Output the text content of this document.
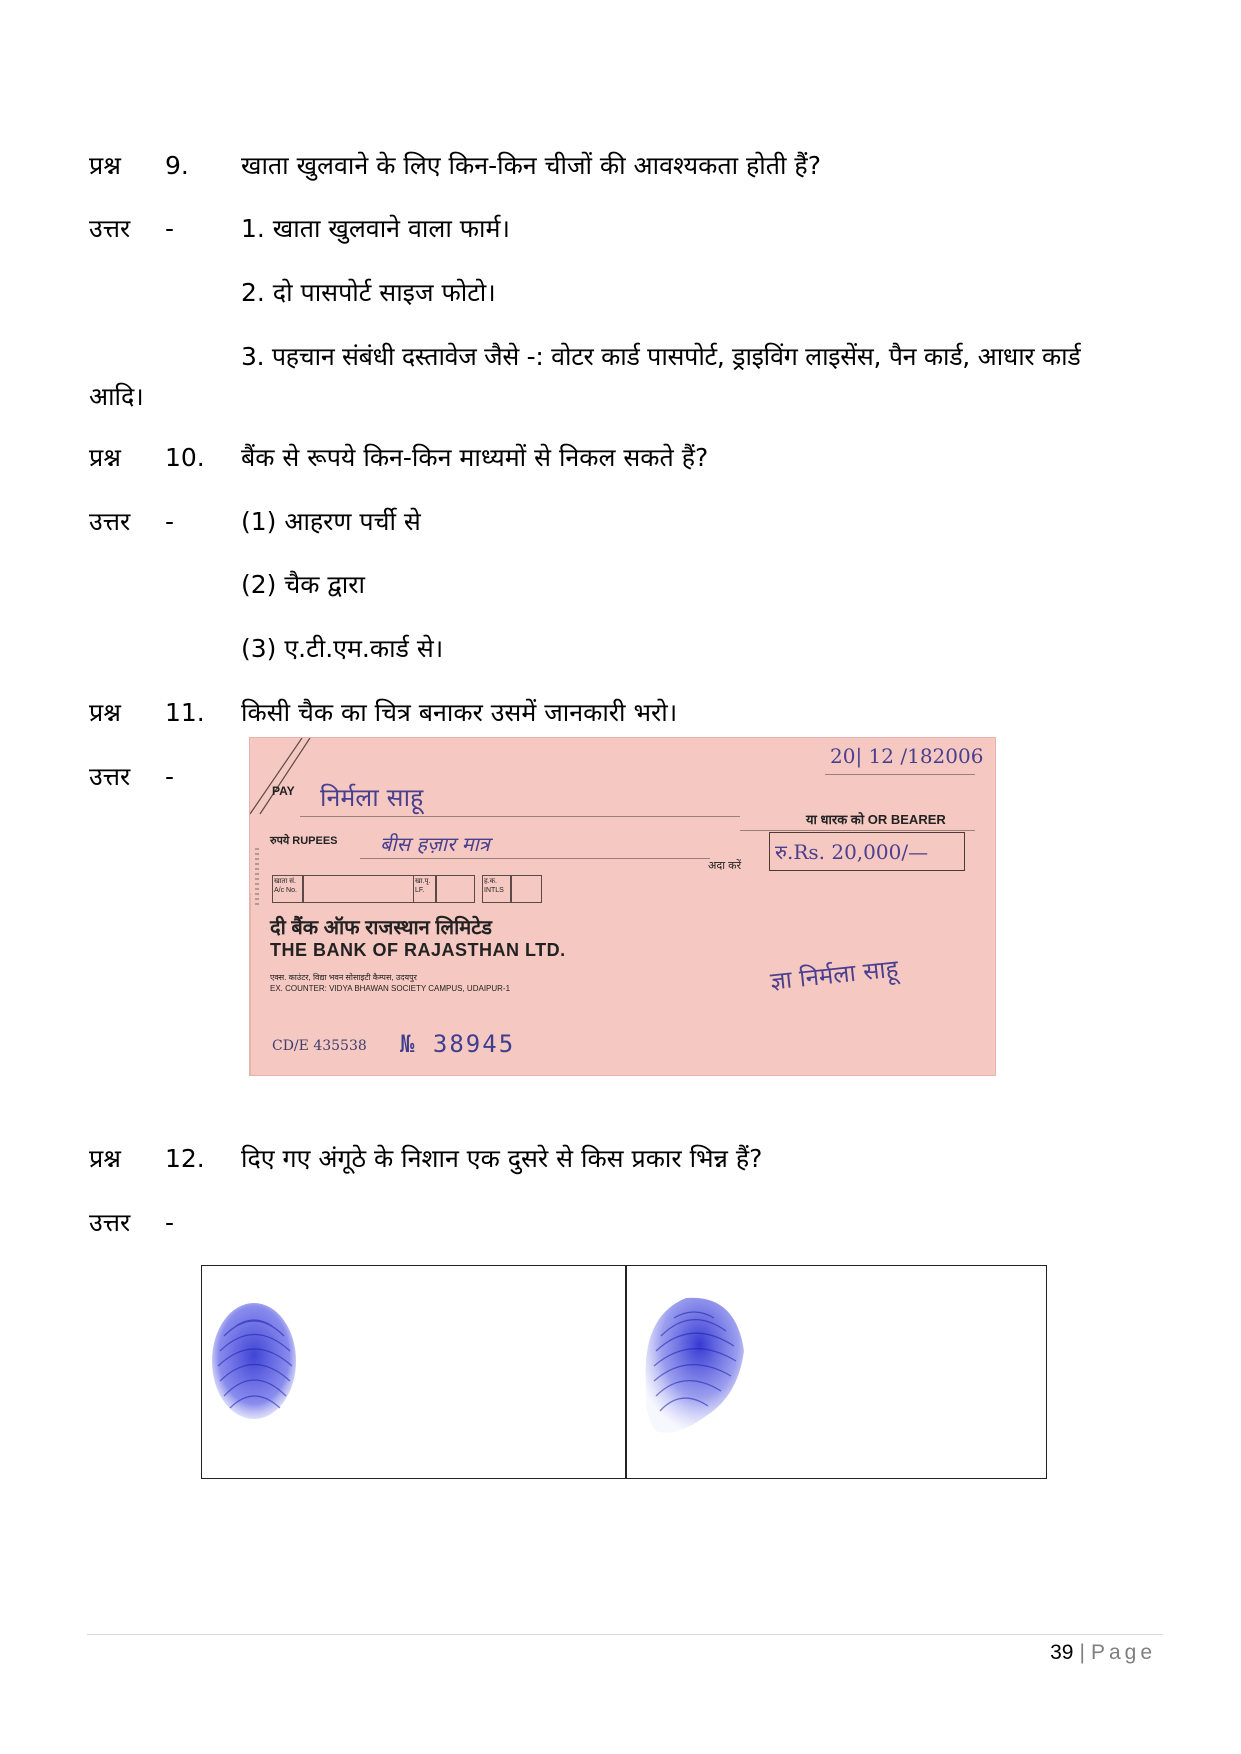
प्रश्न 9. खाता खुलवाने के लिए किन-किन चीजों की आवश्यकता होती हैं?
उत्तर -	1. खाता खुलवाने वाला फार्म।
2. दो पासपोर्ट साइज फोटो।
3. पहचान संबंधी दस्तावेज जैसे -: वोटर कार्ड पासपोर्ट, ड्राइविंग लाइसेंस, पैन कार्ड, आधार कार्ड
आदि।
प्रश्न 10. बैंक से रूपये किन-किन माध्यमों से निकल सकते हैं?
उत्तर -	(1) आहरण पर्ची से
(2) चैक द्वारा
(3) ए.टी.एम.कार्ड से।
प्रश्न 11. किसी चैक का चित्र बनाकर उसमें जानकारी भरो।
उत्तर -
20| 12 /182006
PAY निर्मला साहू
या धारक को OR BEARER
रुपये RUPEES बीस हज़ार मात्र
अदा करें
रु.Rs. 20,000/—
खाता सं. A/c No.
खा.पृ. LF.
ह.क. INTLS
दी बैंक ऑफ राजस्थान लिमिटेड
THE BANK OF RAJASTHAN LTD.
एक्स. काउंटर, विद्या भवन सोसाइटी कैम्पस, उदयपुर
EX. COUNTER: VIDYA BHAWAN SOCIETY CAMPUS, UDAIPUR-1	ज्ञा निर्मला साहू
CD/E 435538 № 38945
प्रश्न 12. दिए गए अंगूठे के निशान एक दुसरे से किस प्रकार भिन्न हैं?
उत्तर -
39 | Page
